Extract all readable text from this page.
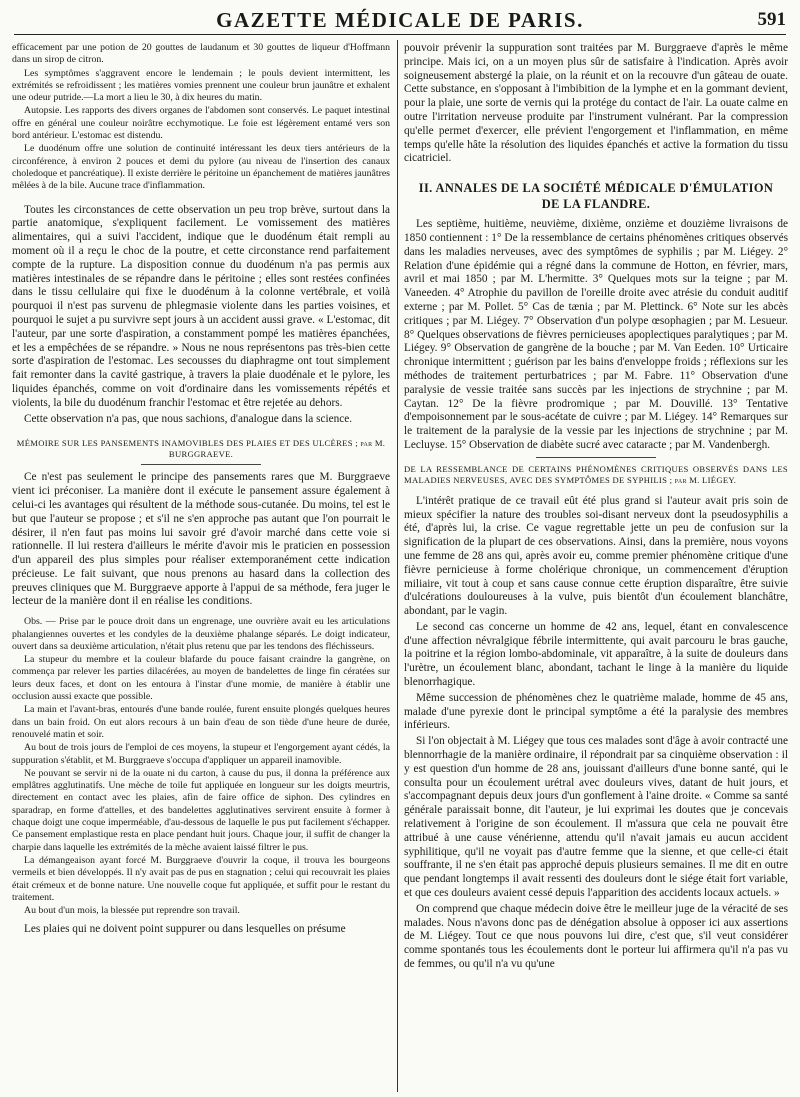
GAZETTE MÉDICALE DE PARIS.	591

efficacement par une potion de 20 gouttes de laudanum et 30 gouttes de liqueur d'Hoffmann dans un sirop de citron.

Les symptômes s'aggravent encore le lendemain ; le pouls devient intermittent, les extrémités se refroidissent ; les matières vomies prennent une couleur brun jaunâtre et exhalent une odeur putride.—La mort a lieu le 30, à dix heures du matin.

Autopsie. Les rapports des divers organes de l'abdomen sont conservés. Le paquet intestinal offre en général une couleur noirâtre ecchymotique. Le foie est légèrement entamé vers son bord antérieur. L'estomac est distendu.

Le duodénum offre une solution de continuité intéressant les deux tiers antérieurs de la circonférence, à environ 2 pouces et demi du pylore (au niveau de l'insertion des canaux choledoque et pancréatique). Il existe derrière le péritoine un épanchement de matières jaunâtres mêlées à de la bile. Aucune trace d'inflammation.

Toutes les circonstances de cette observation un peu trop brève, surtout dans la partie anatomique, s'expliquent facilement. Le vomissement des matières alimentaires, qui a suivi l'accident, indique que le duodénum était rempli au moment où il a reçu le choc de la poutre, et cette circonstance rend parfaitement compte de la rupture. La disposition connue du duodénum n'a pas permis aux matières intestinales de se répandre dans le péritoine ; elles sont restées confinées dans le tissu cellulaire qui fixe le duodénum à la colonne vertébrale, et voilà pourquoi il n'est pas survenu de phlegmasie violente dans les parties voisines, et pourquoi le sujet a pu survivre sept jours à un accident aussi grave. « L'estomac, dit l'auteur, par une sorte d'aspiration, a constamment pompé les matières épanchées, et les a empêchées de se répandre. » Nous ne nous représentons pas très-bien cette sorte d'aspiration de l'estomac. Les secousses du diaphragme ont tout simplement fait remonter dans la cavité gastrique, à travers la plaie duodénale et le pylore, les liquides épanchés, comme on voit d'ordinaire dans les vomissements répétés et violents, la bile du duodénum franchir l'estomac et être rejetée au dehors.

Cette observation n'a pas, que nous sachions, d'analogue dans la science.

MÉMOIRE SUR LES PANSEMENTS INAMOVIBLES DES PLAIES ET DES ULCÈRES ; par M. BURGGRAEVE.

Ce n'est pas seulement le principe des pansements rares que M. Burggraeve vient ici préconiser. La manière dont il exécute le pansement assure également à celui-ci les avantages qui résultent de la méthode sous-cutanée. Du moins, tel est le but que l'auteur se propose ; et s'il ne s'en approche pas autant que l'on pourrait le désirer, il n'en faut pas moins lui savoir gré d'avoir marché dans cette voie si rationnelle. Il lui restera d'ailleurs le mérite d'avoir mis le praticien en possession d'un appareil des plus simples pour réaliser extemporanément cette indication précieuse. Le fait suivant, que nous prenons au hasard dans la collection des preuves cliniques que M. Burggraeve apporte à l'appui de sa méthode, fera juger le lecteur de la manière dont il en réalise les conditions.

Obs. — Prise par le pouce droit dans un engrenage, une ouvrière avait eu les articulations phalangiennes ouvertes et les condyles de la deuxième phalange séparés. Le doigt indicateur, ouvert dans sa deuxième articulation, n'était plus retenu que par les tendons des fléchisseurs.

La stupeur du membre et la couleur blafarde du pouce faisant craindre la gangrène, on commença par relever les parties dilacérées, au moyen de bandelettes de linge fin cératées sur leurs deux faces, et dont on les entoura à l'instar d'une momie, de manière à établir une occlusion aussi exacte que possible.

La main et l'avant-bras, entourés d'une bande roulée, furent ensuite plongés quelques heures dans un bain froid. On eut alors recours à un bain d'eau de son tiède d'une heure de durée, renouvelé matin et soir.

Au bout de trois jours de l'emploi de ces moyens, la stupeur et l'engorgement ayant cédés, la suppuration s'établit, et M. Burggraeve s'occupa d'appliquer un appareil inamovible.

Ne pouvant se servir ni de la ouate ni du carton, à cause du pus, il donna la préférence aux emplâtres agglutinatifs. Une mèche de toile fut appliquée en longueur sur les doigts meurtris, directement en contact avec les plaies, afin de faire office de siphon. Des cylindres en sparadrap, en forme d'attelles, et des bandelettes agglutinatives servirent ensuite à former à chaque doigt une coque imperméable, d'au-dessous de laquelle le pus put facilement s'échapper. Ce pansement emplastique resta en place pendant huit jours. Chaque jour, il suffit de changer la charpie dans laquelle les extrémités de la mèche avaient laissé filtrer le pus.

La démangeaison ayant forcé M. Burggraeve d'ouvrir la coque, il trouva les bourgeons vermeils et bien développés. Il n'y avait pas de pus en stagnation ; celui qui recouvrait les plaies était crémeux et de bonne nature. Une nouvelle coque fut appliquée, et suffit pour le restant du traitement.

Au bout d'un mois, la blessée put reprendre son travail.

Les plaies qui ne doivent point suppurer ou dans lesquelles on présume

pouvoir prévenir la suppuration sont traitées par M. Burggraeve d'après le même principe. Mais ici, on a un moyen plus sûr de satisfaire à l'indication. Après avoir soigneusement abstergé la plaie, on la réunit et on la recouvre d'un gâteau de ouate. Cette substance, en s'opposant à l'imbibition de la lymphe et en la gommant devient, pour la plaie, une sorte de vernis qui la protége du contact de l'air. La ouate calme en outre l'irritation nerveuse produite par l'instrument vulnérant. Par la compression qu'elle permet d'exercer, elle prévient l'engorgement et l'inflammation, en même temps qu'elle hâte la résolution des liquides épanchés et active la formation du tissu cicatriciel.

II. ANNALES DE LA SOCIÉTÉ MÉDICALE D'ÉMULATION
DE LA FLANDRE.

Les septième, huitième, neuvième, dixième, onzième et douzième livraisons de 1850 contiennent : 1° De la ressemblance de certains phénomènes critiques observés dans les maladies nerveuses, avec des symptômes de syphilis ; par M. Liégey. 2° Relation d'une épidémie qui a régné dans la commune de Hotton, en février, mars, avril et mai 1850 ; par M. L'hermitte. 3° Quelques mots sur la teigne ; par M. Vaneeden. 4° Atrophie du pavillon de l'oreille droite avec atrésie du conduit auditif externe ; par M. Pollet. 5° Cas de tænia ; par M. Plettinck. 6° Note sur les abcès critiques ; par M. Liégey. 7° Observation d'un polype œsophagien ; par M. Lesueur. 8° Quelques observations de fièvres pernicieuses apoplectiques paralytiques ; par M. Liégey. 9° Observation de gangrène de la bouche ; par M. Van Eeden. 10° Urticaire chronique intermittent ; guérison par les bains d'enveloppe froids ; réflexions sur les méthodes de traitement perturbatrices ; par M. Fabre. 11° Observation d'une paralysie de vessie traitée sans succès par les injections de strychnine ; par M. Caytan. 12° De la fièvre prodromique ; par M. Douvillé. 13° Tentative d'empoisonnement par le sous-acétate de cuivre ; par M. Liégey. 14° Remarques sur le traitement de la paralysie de la vessie par les injections de strychnine ; par M. Lecluyse. 15° Observation de diabète sucré avec cataracte ; par M. Vandenbergh.

DE LA RESSEMBLANCE DE CERTAINS PHÉNOMÈNES CRITIQUES OBSERVÉS DANS LES MALADIES NERVEUSES, AVEC DES SYMPTÔMES DE SYPHILIS ; par M. LIÉGEY.

L'intérêt pratique de ce travail eût été plus grand si l'auteur avait pris soin de mieux spécifier la nature des troubles soi-disant nerveux dont la pseudosyphilis a été, d'après lui, la crise. Ce vague regrettable jette un peu de confusion sur la signification de la plupart de ces observations. Ainsi, dans la première, nous voyons une femme de 28 ans qui, après avoir eu, comme premier phénomène critique d'une fièvre pernicieuse à forme cholérique chronique, un commencement d'éruption miliaire, vit tout à coup et sans cause connue cette éruption disparaître, être suivie d'ulcérations douloureuses à la vulve, puis bientôt d'un écoulement blanchâtre, abondant, par le vagin.

Le second cas concerne un homme de 42 ans, lequel, étant en convalescence d'une affection névralgique fébrile intermittente, qui avait parcouru le bras gauche, la poitrine et la région lombo-abdominale, vit apparaître, à la suite de douleurs dans l'urètre, un écoulement blanc, abondant, tachant le linge à la manière du liquide blenorrhagique.

Même succession de phénomènes chez le quatrième malade, homme de 45 ans, malade d'une pyrexie dont le principal symptôme a été la paralysie des membres inférieurs.

Si l'on objectait à M. Liégey que tous ces malades sont d'âge à avoir contracté une blennorrhagie de la manière ordinaire, il répondrait par sa cinquième observation : il y est question d'un homme de 28 ans, jouissant d'ailleurs d'une bonne santé, qui le consulta pour un écoulement urétral avec douleurs vives, datant de huit jours, et s'accompagnant depuis deux jours d'un gonflement à l'aine droite. « Comme sa santé générale paraissait bonne, dit l'auteur, je lui exprimai les doutes que je concevais relativement à l'origine de son écoulement. Il m'assura que cela ne pouvait être attribué à une cause vénérienne, attendu qu'il n'avait jamais eu aucun accident syphilitique, qu'il ne voyait pas d'autre femme que la sienne, et que celle-ci était souffrante, il ne s'en était pas approché depuis plusieurs semaines. Il me dit en outre que pendant longtemps il avait ressenti des douleurs dont le siége était fort variable, et que ces douleurs avaient cessé depuis l'apparition des accidents locaux actuels. »

On comprend que chaque médecin doive être le meilleur juge de la véracité de ses malades. Nous n'avons donc pas de dénégation absolue à opposer ici aux assertions de M. Liégey. Tout ce que nous pouvons lui dire, c'est que, s'il veut considérer comme spontanés tous les écoulements dont le porteur lui affirmera qu'il n'a pas vu de femmes, ou qu'il n'a vu qu'une
